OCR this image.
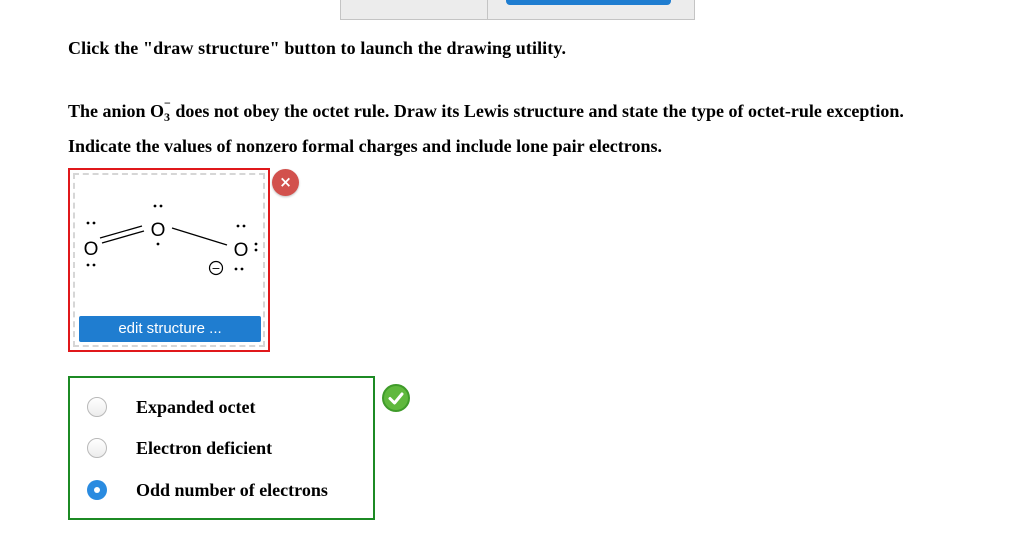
Click the "draw structure" button to launch the drawing utility.
The anion $O_3^-$ does not obey the octet rule. Draw its Lewis structure and state the type of octet-rule exception. Indicate the values of nonzero formal charges and include lone pair electrons.
O
O
O
−
edit structure ...
×
Expanded octet
Electron deficient
Odd number of electrons
